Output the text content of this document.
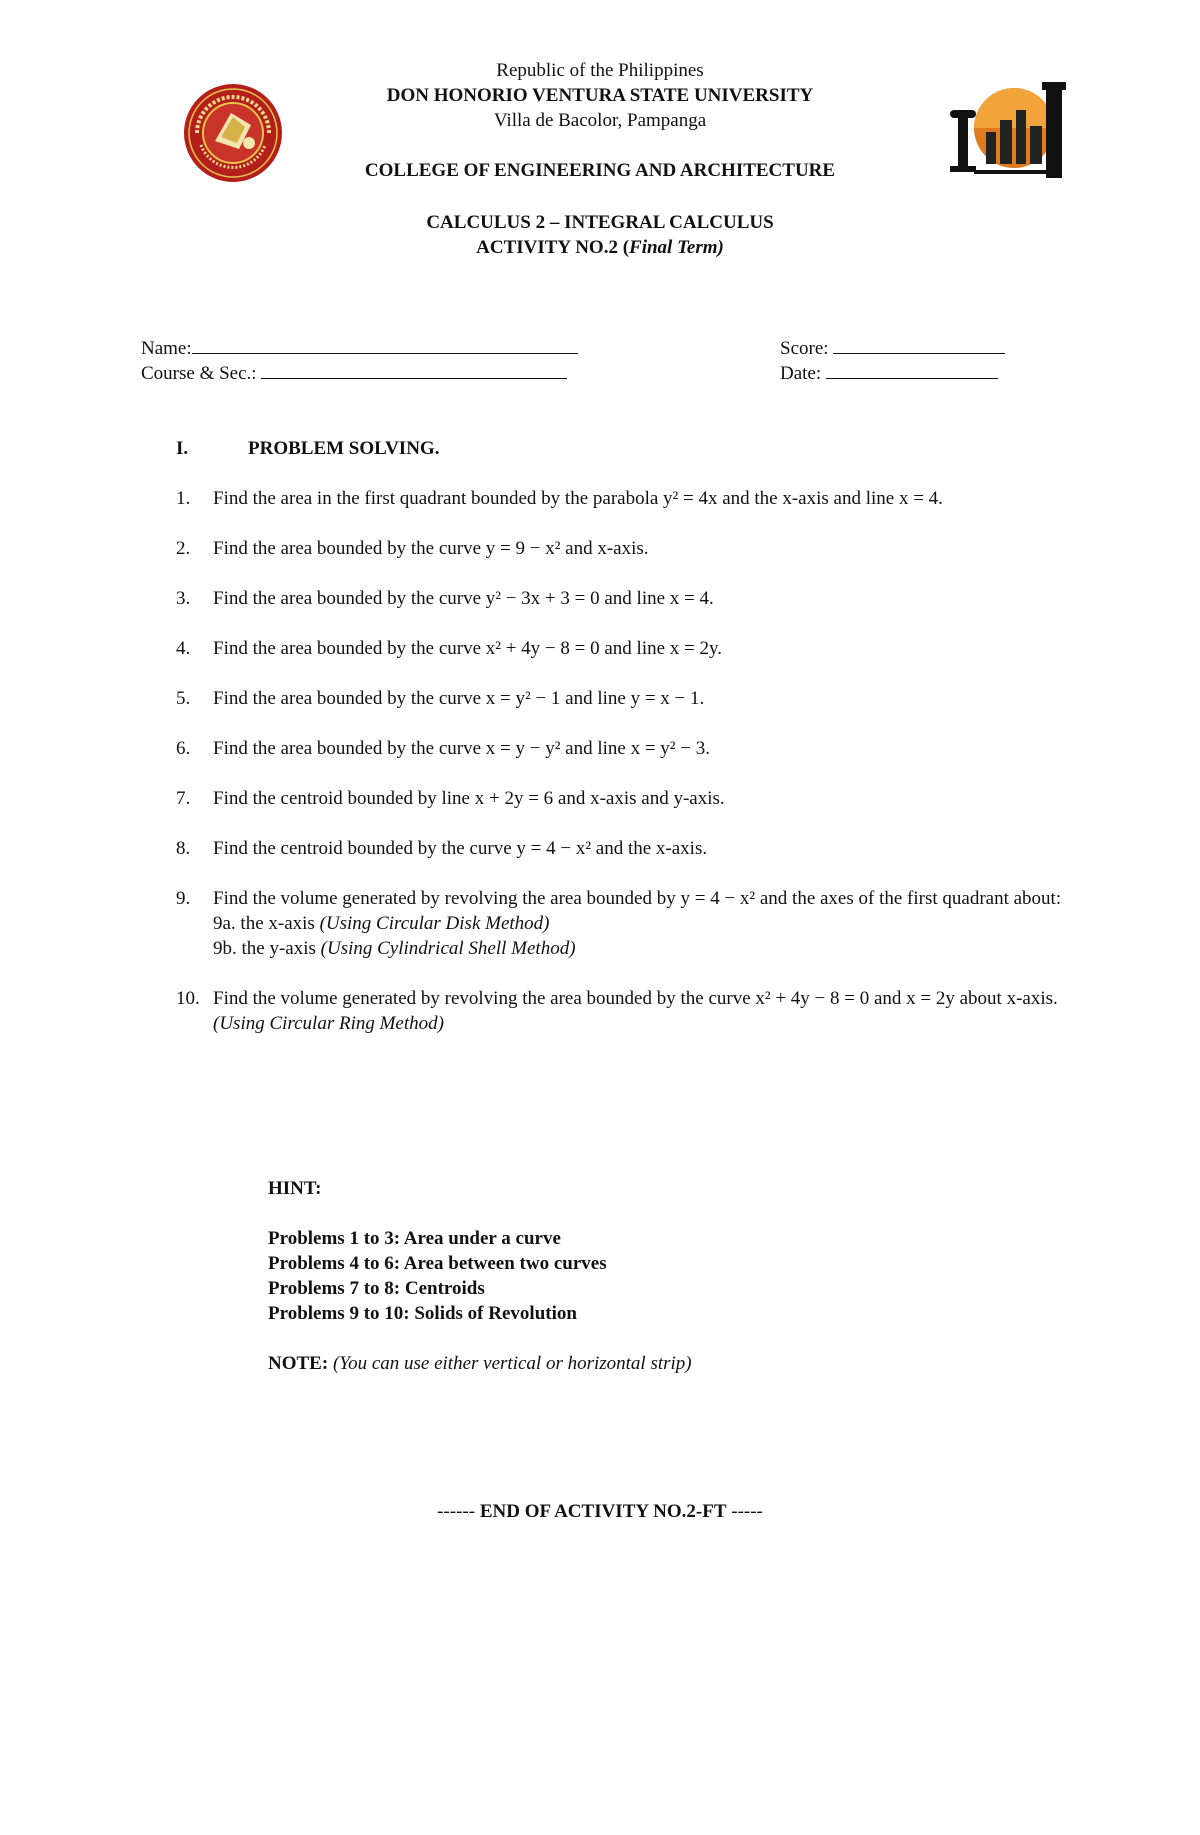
Republic of the Philippines
DON HONORIO VENTURA STATE UNIVERSITY
Villa de Bacolor, Pampanga
COLLEGE OF ENGINEERING AND ARCHITECTURE
CALCULUS 2 – INTEGRAL CALCULUS
ACTIVITY NO.2 (Final Term)
Name:
Course & Sec.:
Score:
Date:
I.	PROBLEM SOLVING.
1.	Find the area in the first quadrant bounded by the parabola y² = 4x and the x-axis and line x = 4.
2.	Find the area bounded by the curve y = 9 − x² and x-axis.
3.	Find the area bounded by the curve y² − 3x + 3 = 0 and line x = 4.
4.	Find the area bounded by the curve x² + 4y − 8 = 0 and line x = 2y.
5.	Find the area bounded by the curve x = y² − 1 and line y = x − 1.
6.	Find the area bounded by the curve x = y − y² and line x = y² − 3.
7.	Find the centroid bounded by line x + 2y = 6 and x-axis and y-axis.
8.	Find the centroid bounded by the curve y = 4 − x² and the x-axis.
9.	Find the volume generated by revolving the area bounded by y = 4 − x² and the axes of the first quadrant about:
9a. the x-axis (Using Circular Disk Method)
9b. the y-axis (Using Cylindrical Shell Method)
10. Find the volume generated by revolving the area bounded by the curve x² + 4y − 8 = 0 and x = 2y about x-axis. (Using Circular Ring Method)
HINT:
Problems 1 to 3: Area under a curve
Problems 4 to 6: Area between two curves
Problems 7 to 8: Centroids
Problems 9 to 10: Solids of Revolution
NOTE: (You can use either vertical or horizontal strip)
------ END OF ACTIVITY NO.2-FT -----
